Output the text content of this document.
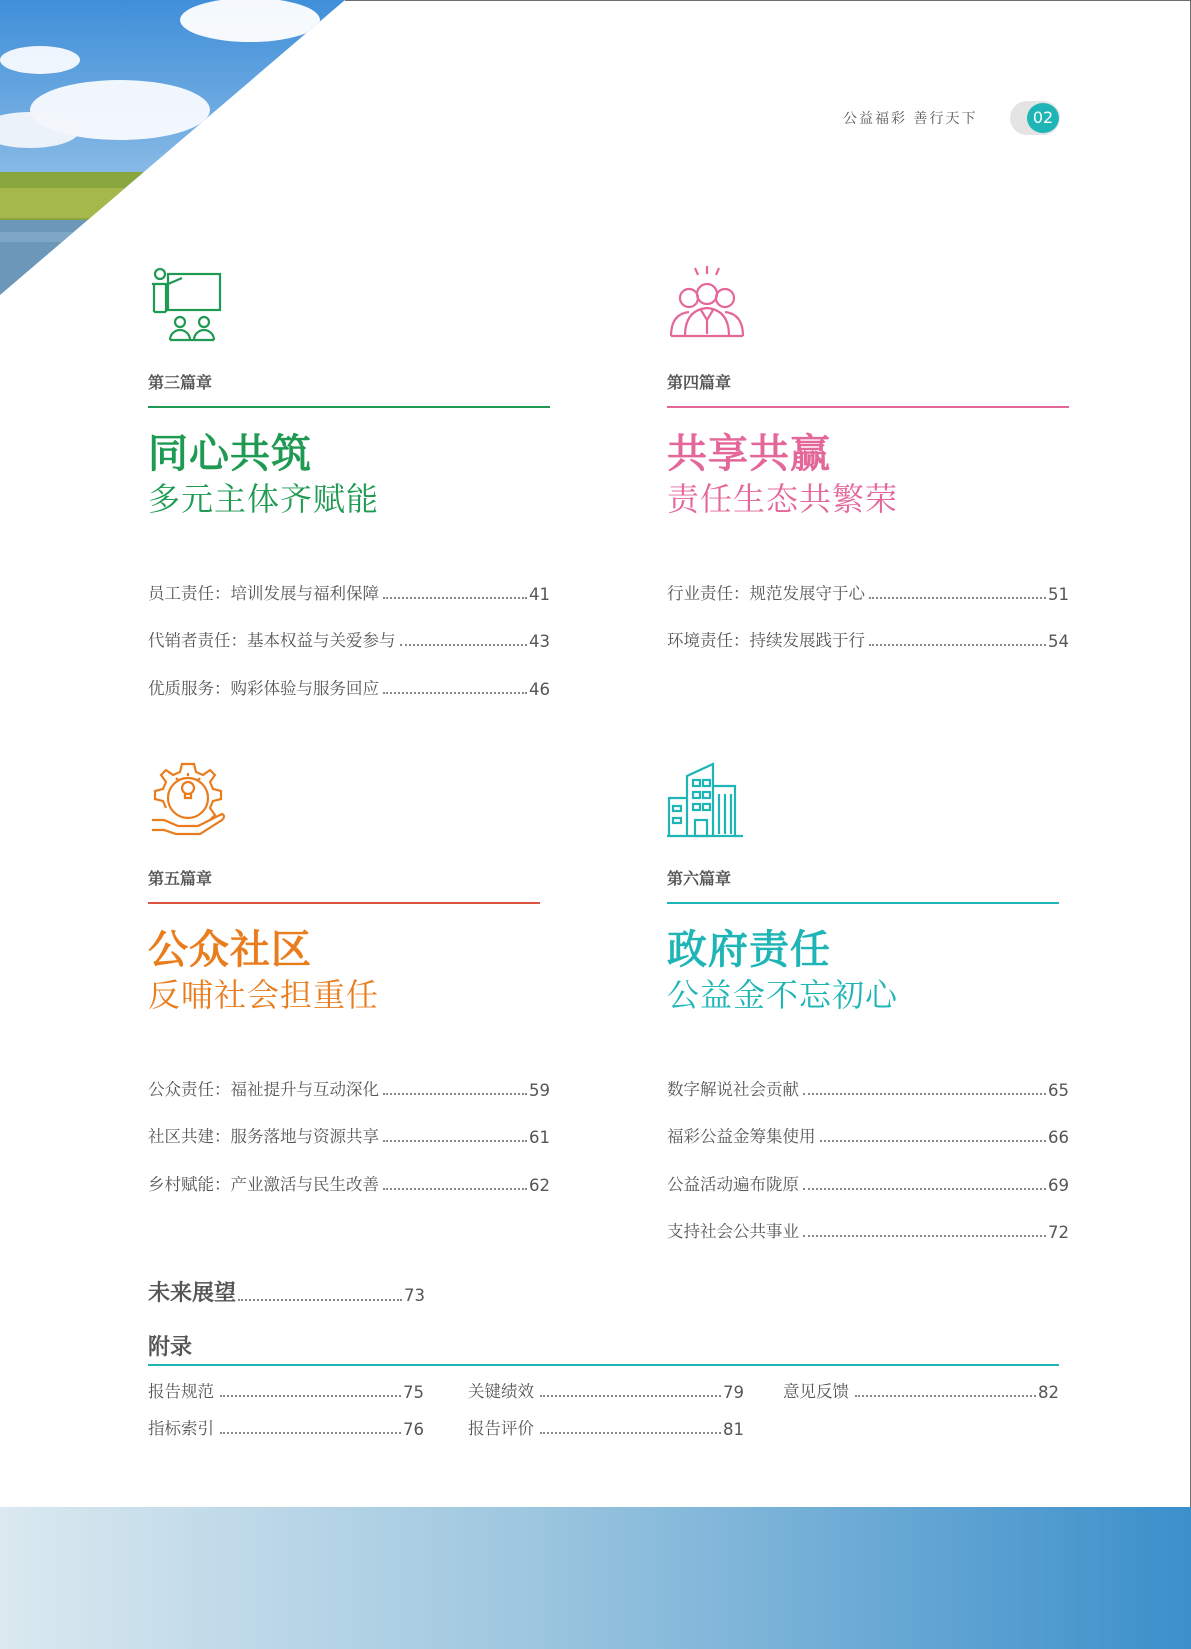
公益福彩 善行天下	02
第三篇章
同心共筑
多元主体齐赋能
员工责任：培训发展与福利保障	41
代销者责任：基本权益与关爱参与	43
优质服务：购彩体验与服务回应	46
第四篇章
共享共赢
责任生态共繁荣
行业责任：规范发展守于心	51
环境责任：持续发展践于行	54
第五篇章
公众社区
反哺社会担重任
公众责任：福祉提升与互动深化	59
社区共建：服务落地与资源共享	61
乡村赋能：产业激活与民生改善	62
第六篇章
政府责任
公益金不忘初心
数字解说社会贡献	65
福彩公益金筹集使用	66
公益活动遍布陇原	69
支持社会公共事业	72
未来展望	73
附录
报告规范	75	关键绩效	79 意见反馈	82
指标索引	76	报告评价	81
